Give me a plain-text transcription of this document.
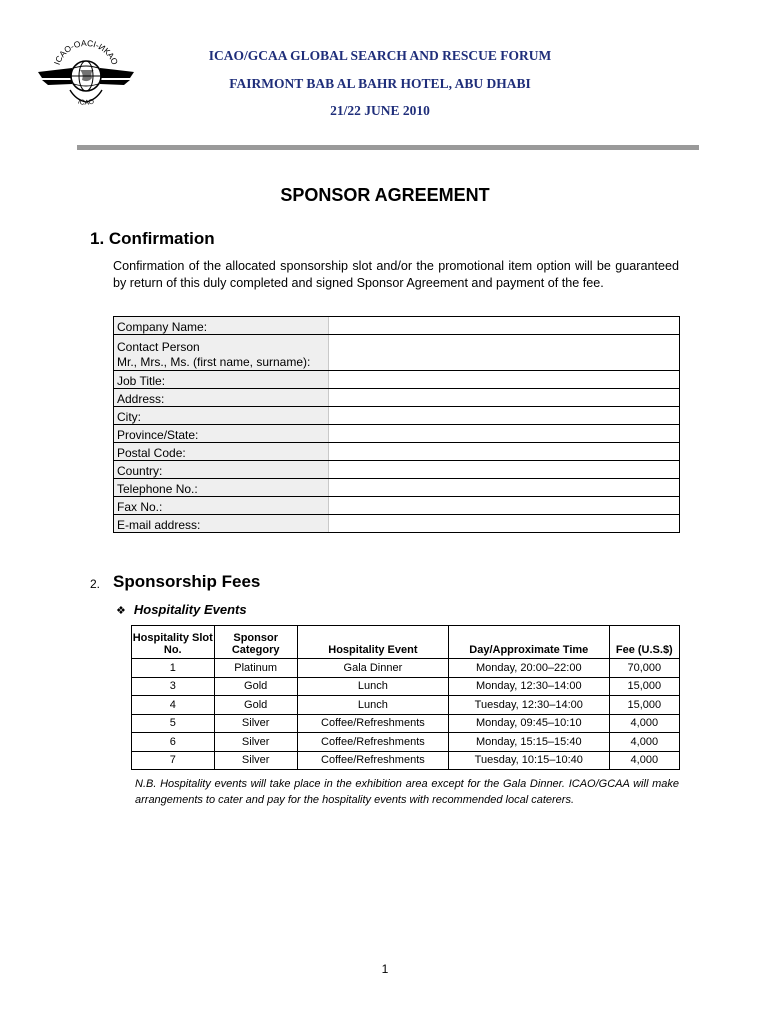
ICAO-OACI-ИКАО
ICAO
ICAO/GCAA GLOBAL SEARCH AND RESCUE FORUM
FAIRMONT BAB AL BAHR HOTEL, ABU DHABI
21/22 JUNE 2010
SPONSOR AGREEMENT
1. Confirmation
Confirmation of the allocated sponsorship slot and/or the promotional item option will be guaranteed by return of this duly completed and signed Sponsor Agreement and payment of the fee.
Company Name:	
Contact Person
Mr., Mrs., Ms. (first name, surname):	
Job Title:	
Address:	
City:	
Province/State:	
Postal Code:	
Country:	
Telephone No.:	
Fax No.:	
E-mail address:	
2. Sponsorship Fees
❖ Hospitality Events
Hospitality Slot No.	Sponsor Category	Hospitality Event	Day/Approximate Time	Fee (U.S.$)
1	Platinum	Gala Dinner	Monday, 20:00–22:00	70,000
3	Gold	Lunch	Monday, 12:30–14:00	15,000
4	Gold	Lunch	Tuesday, 12:30–14:00	15,000
5	Silver	Coffee/Refreshments	Monday, 09:45–10:10	4,000
6	Silver	Coffee/Refreshments	Monday, 15:15–15:40	4,000
7	Silver	Coffee/Refreshments	Tuesday, 10:15–10:40	4,000
N.B. Hospitality events will take place in the exhibition area except for the Gala Dinner. ICAO/GCAA will make arrangements to cater and pay for the hospitality events with recommended local caterers.
1
